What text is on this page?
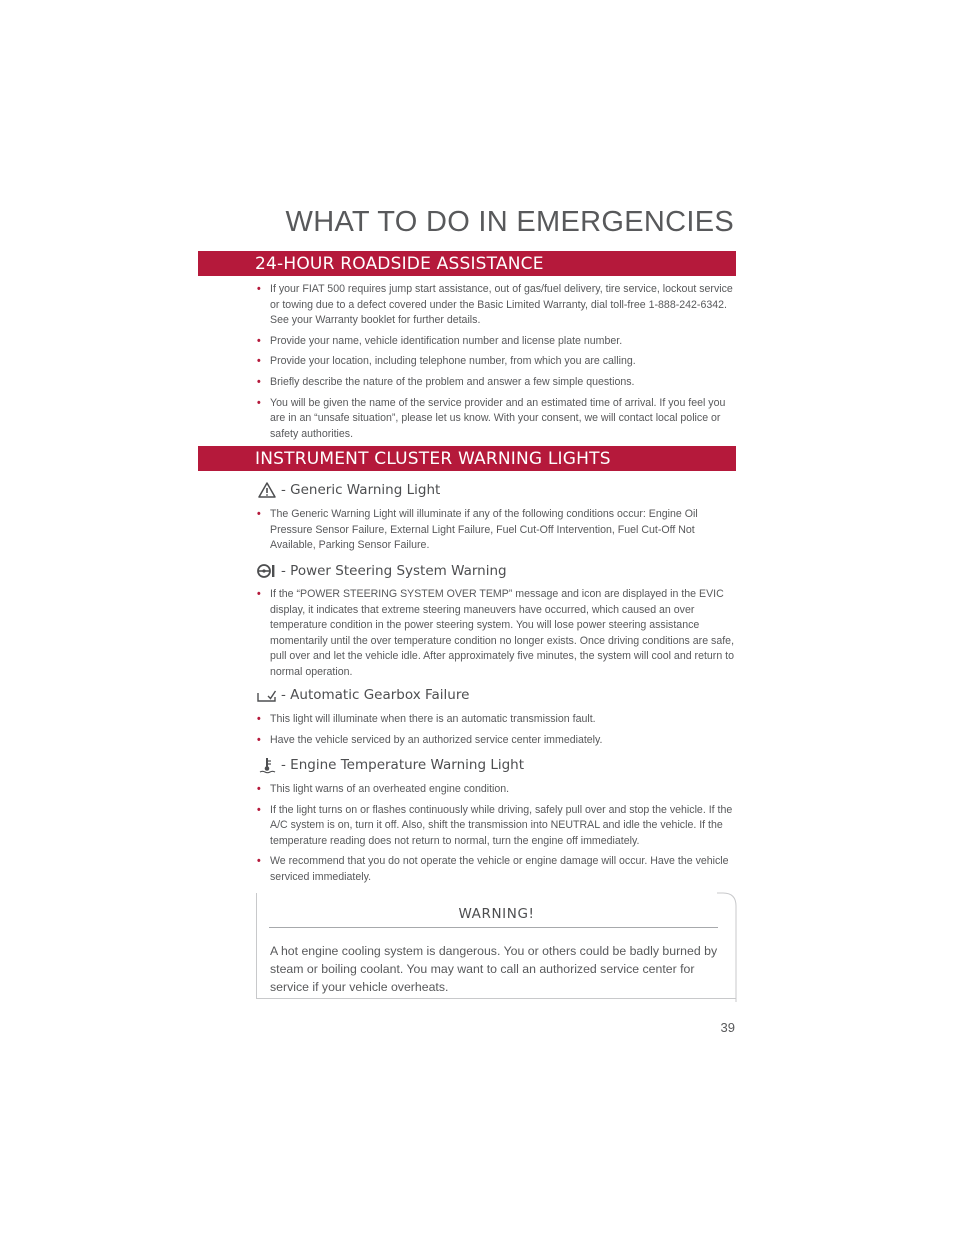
WHAT TO DO IN EMERGENCIES
24-HOUR ROADSIDE ASSISTANCE
• If your FIAT 500 requires jump start assistance, out of gas/fuel delivery, tire service, lockout service or towing due to a defect covered under the Basic Limited Warranty, dial toll-free 1-888-242-6342. See your Warranty booklet for further details.
• Provide your name, vehicle identification number and license plate number.
• Provide your location, including telephone number, from which you are calling.
• Briefly describe the nature of the problem and answer a few simple questions.
• You will be given the name of the service provider and an estimated time of arrival. If you feel you are in an “unsafe situation”, please let us know. With your consent, we will contact local police or safety authorities.
INSTRUMENT CLUSTER WARNING LIGHTS
- Generic Warning Light
• The Generic Warning Light will illuminate if any of the following conditions occur: Engine Oil Pressure Sensor Failure, External Light Failure, Fuel Cut-Off Intervention, Fuel Cut-Off Not Available, Parking Sensor Failure.
- Power Steering System Warning
• If the “POWER STEERING SYSTEM OVER TEMP” message and icon are displayed in the EVIC display, it indicates that extreme steering maneuvers have occurred, which caused an over temperature condition in the power steering system. You will lose power steering assistance momentarily until the over temperature condition no longer exists. Once driving conditions are safe, pull over and let the vehicle idle. After approximately five minutes, the system will cool and return to normal operation.
- Automatic Gearbox Failure
• This light will illuminate when there is an automatic transmission fault.
• Have the vehicle serviced by an authorized service center immediately.
- Engine Temperature Warning Light
• This light warns of an overheated engine condition.
• If the light turns on or flashes continuously while driving, safely pull over and stop the vehicle. If the A/C system is on, turn it off. Also, shift the transmission into NEUTRAL and idle the vehicle. If the temperature reading does not return to normal, turn the engine off immediately.
• We recommend that you do not operate the vehicle or engine damage will occur. Have the vehicle serviced immediately.
WARNING!
A hot engine cooling system is dangerous. You or others could be badly burned by steam or boiling coolant. You may want to call an authorized service center for service if your vehicle overheats.
39
